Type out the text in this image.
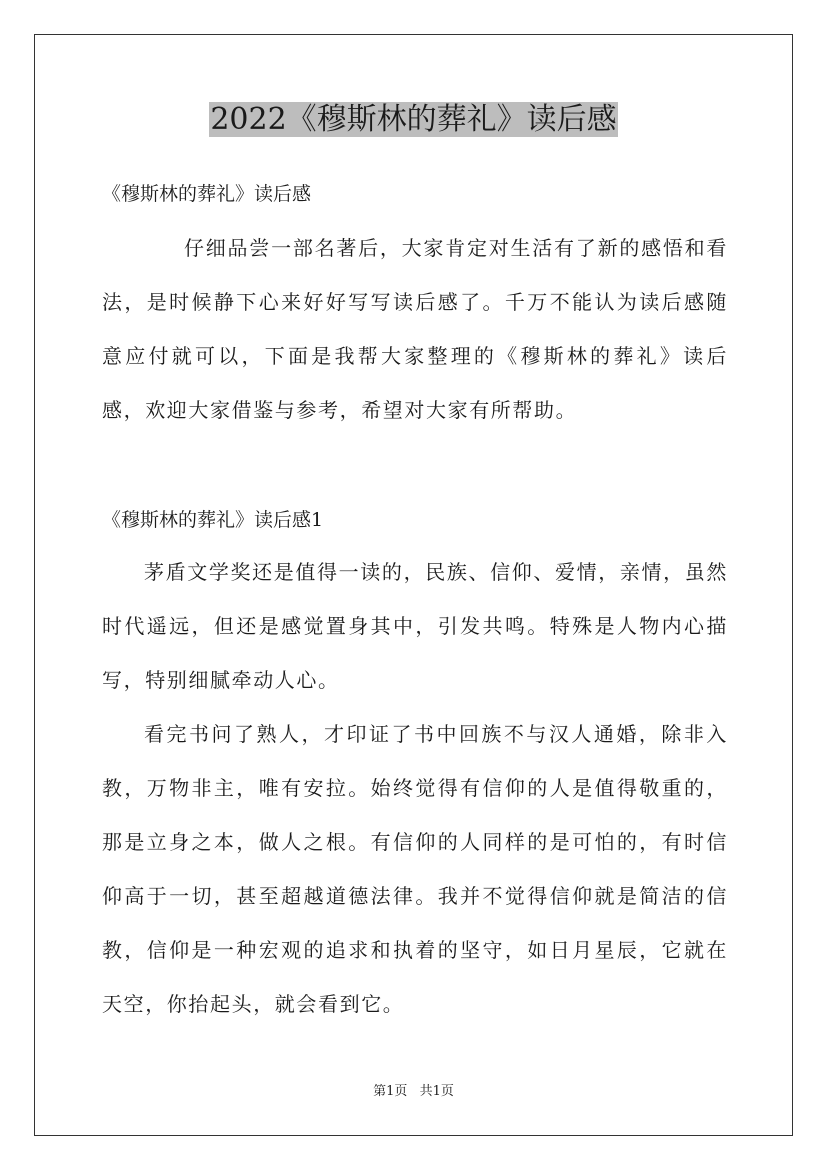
2022《穆斯林的葬礼》读后感
《穆斯林的葬礼》读后感

仔细品尝一部名著后，大家肯定对生活有了新的感悟和看法，是时候静下心来好好写写读后感了。千万不能认为读后感随意应付就可以，下面是我帮大家整理的《穆斯林的葬礼》读后感，欢迎大家借鉴与参考，希望对大家有所帮助。

《穆斯林的葬礼》读后感1

茅盾文学奖还是值得一读的，民族、信仰、爱情，亲情，虽然时代遥远，但还是感觉置身其中，引发共鸣。特殊是人物内心描写，特别细腻牵动人心。

看完书问了熟人，才印证了书中回族不与汉人通婚，除非入教，万物非主，唯有安拉。始终觉得有信仰的人是值得敬重的，那是立身之本，做人之根。有信仰的人同样的是可怕的，有时信仰高于一切，甚至超越道德法律。我并不觉得信仰就是简洁的信教，信仰是一种宏观的追求和执着的坚守，如日月星辰，它就在天空，你抬起头，就会看到它。

第1页 共1页
